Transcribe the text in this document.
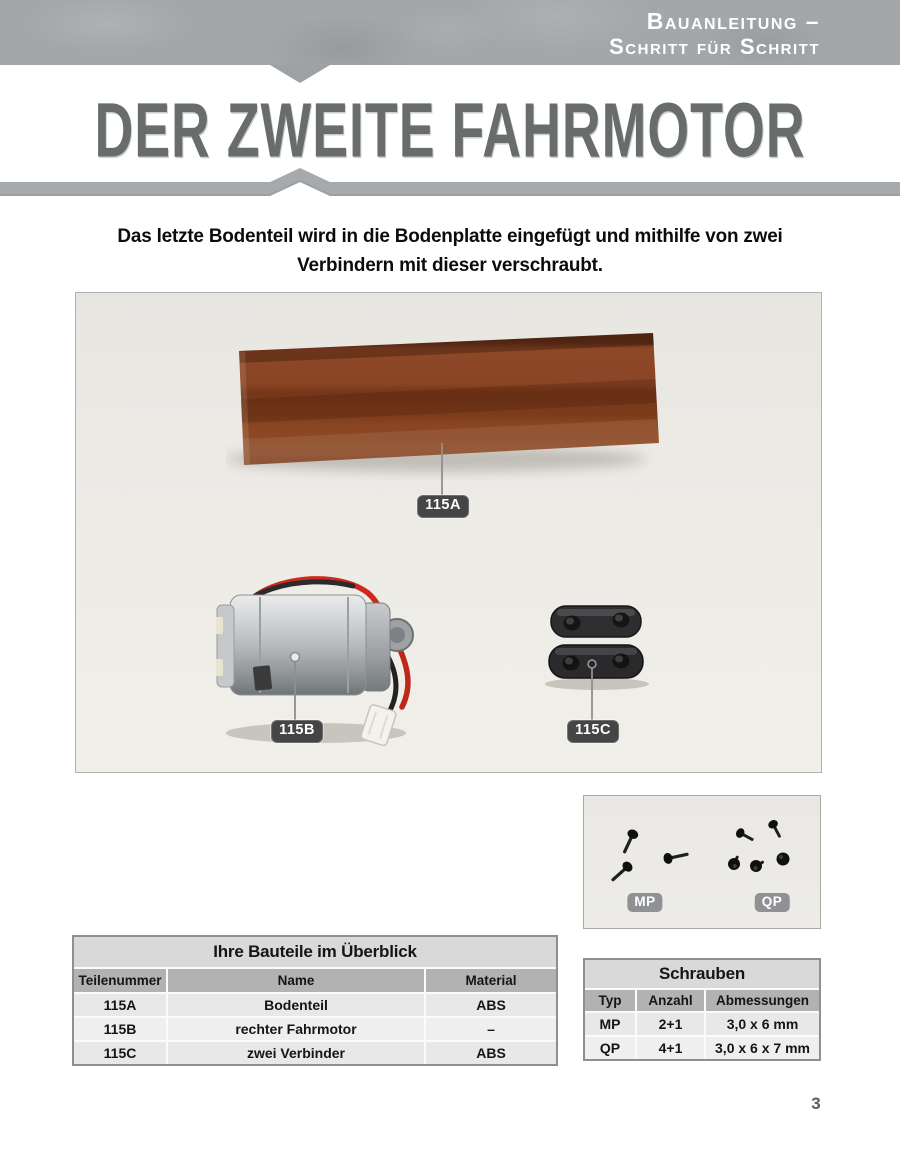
Bauanleitung –
Schritt für Schritt
DER ZWEITE FAHRMOTOR
Das letzte Bodenteil wird in die Bodenplatte eingefügt und mithilfe von zwei
Verbindern mit dieser verschraubt.
115A
115B	115C
MP	QP
Ihre Bauteile im Überblick
Teilenummer	Name	Material
115A	Bodenteil	ABS
115B	rechter Fahrmotor	–
115C	zwei Verbinder	ABS
Schrauben
Typ	Anzahl	Abmessungen
MP	2+1	3,0 x 6 mm
QP	4+1	3,0 x 6 x 7 mm
3
